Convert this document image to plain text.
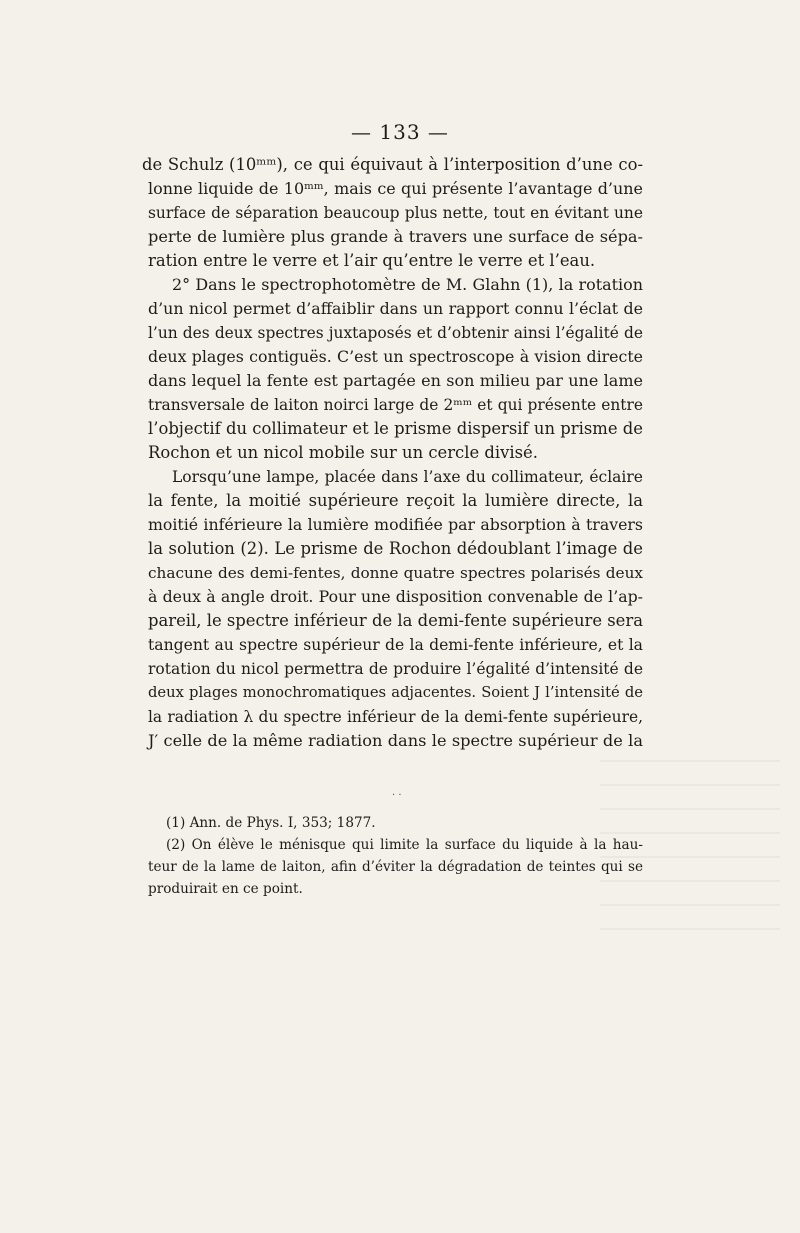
— 133 —
de Schulz (10ᵐᵐ), ce qui équivaut à l’interposition d’une co-
lonne liquide de 10ᵐᵐ, mais ce qui présente l’avantage d’une
surface de séparation beaucoup plus nette, tout en évitant une
perte de lumière plus grande à travers une surface de sépa-
ration entre le verre et l’air qu’entre le verre et l’eau.
2° Dans le spectrophotomètre de M. Glahn (1), la rotation
d’un nicol permet d’affaiblir dans un rapport connu l’éclat de
l’un des deux spectres juxtaposés et d’obtenir ainsi l’égalité de
deux plages contiguës. C’est un spectroscope à vision directe
dans lequel la fente est partagée en son milieu par une lame
transversale de laiton noirci large de 2ᵐᵐ et qui présente entre
l’objectif du collimateur et le prisme dispersif un prisme de
Rochon et un nicol mobile sur un cercle divisé.
Lorsqu’une lampe, placée dans l’axe du collimateur, éclaire
la fente, la moitié supérieure reçoit la lumière directe, la
moitié inférieure la lumière modifiée par absorption à travers
la solution (2). Le prisme de Rochon dédoublant l’image de
chacune des demi-fentes, donne quatre spectres polarisés deux
à deux à angle droit. Pour une disposition convenable de l’ap-
pareil, le spectre inférieur de la demi-fente supérieure sera
tangent au spectre supérieur de la demi-fente inférieure, et la
rotation du nicol permettra de produire l’égalité d’intensité de
deux plages monochromatiques adjacentes. Soient J l’intensité de
la radiation λ du spectre inférieur de la demi-fente supérieure,
J′ celle de la même radiation dans le spectre supérieur de la
· ·
(1) Ann. de Phys. I, 353; 1877.
(2) On élève le ménisque qui limite la surface du liquide à la hau-
teur de la lame de laiton, afin d’éviter la dégradation de teintes qui se
produirait en ce point.
